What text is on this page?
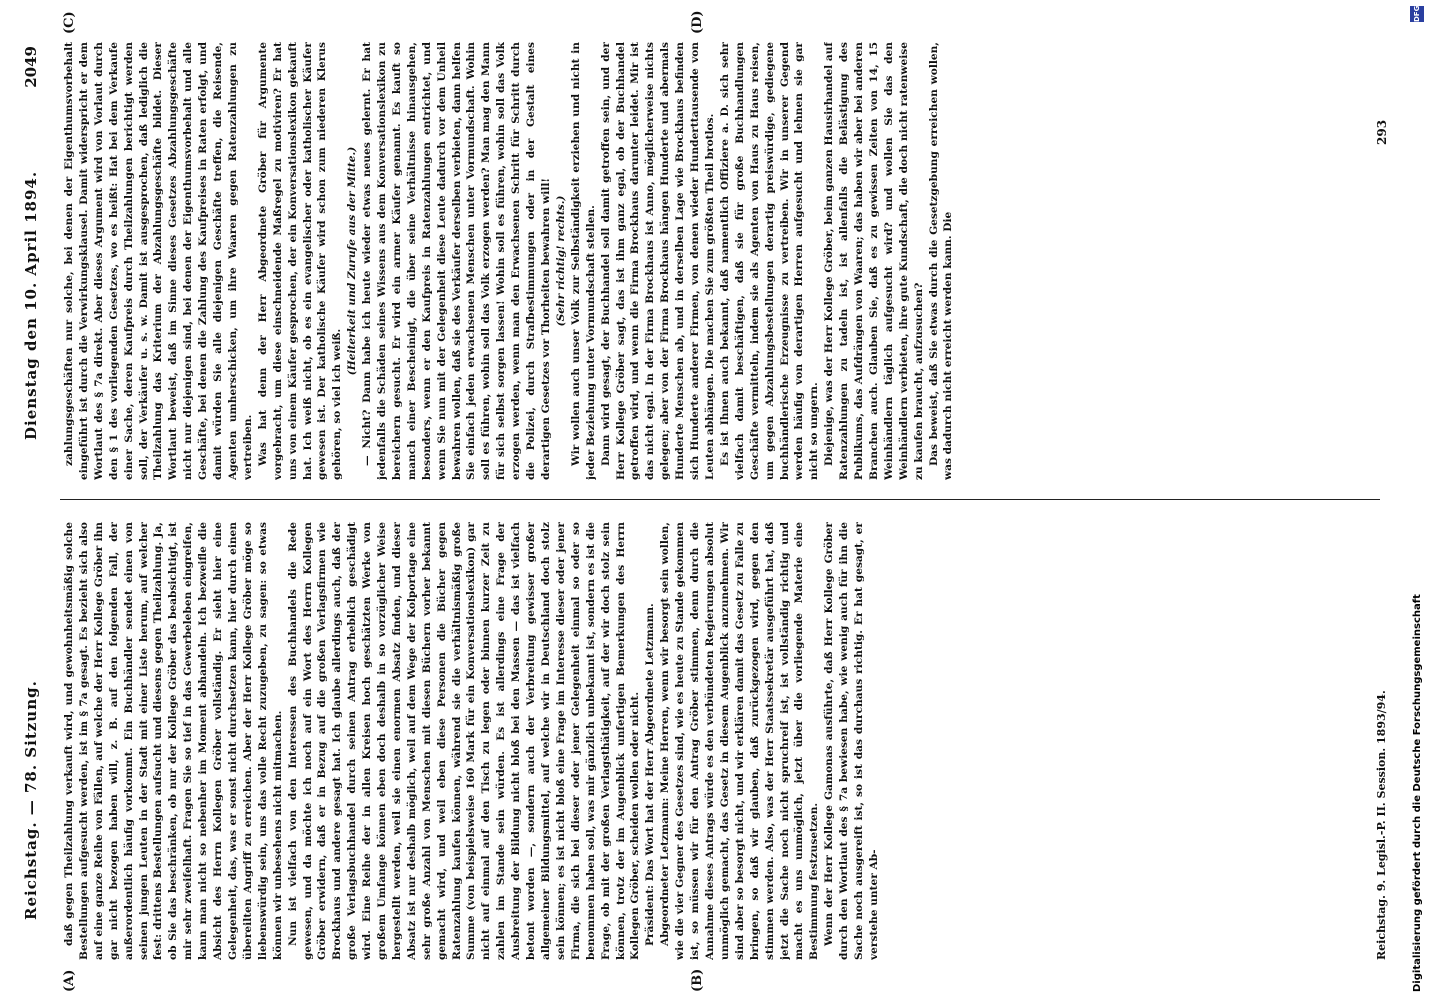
Reichstag. — 78. Sitzung.
Dienstag den 10. April 1894.
2049
(A)	(B)
(C)	(D)

daß gegen Theilzahlung verkauft wird, und gewohnheitsmäßig solche Bestellungen aufgesucht werden, ist im § 7a gesagt. Es bezieht sich also auf eine ganze Reihe von Fällen, auf welche der Herr Kollege Gröber ihn gar nicht bezogen haben will, z. B. auf den folgenden Fall, der außerordentlich häufig vorkommt. Ein Buchhändler sendet einen von seinen jungen Leuten in der Stadt mit einer Liste herum, auf welcher fest: drittens Bestellungen aufsucht und diesens gegen Theilzahlung. Ja, ob Sie das beschränken, ob nur der Kollege Gröber das beabsichtigt, ist mir sehr zweifelhaft. Fragen Sie so tief in das Gewerbeleben eingreifen, kann man nicht so nebenher im Moment abhandeln. Ich bezweifle die Absicht des Herrn Kollegen Gröber vollständig. Er sieht hier eine Gelegenheit, das, was er sonst nicht durchsetzen kann, hier durch einen übereilten Angriff zu erreichen. Aber der Herr Kollege Gröber möge so liebenswürdig sein, uns das volle Recht zuzugeben, zu sagen: so etwas können wir unbesehens nicht mitmachen. Nun ist vielfach von den Interessen des Buchhandels die Rede gewesen, und da möchte ich noch auf ein Wort des Herrn Kollegen Gröber erwidern, daß er in Bezug auf die großen Verlagsfirmen wie Brockhaus und andere gesagt hat. Ich glaube allerdings auch, daß der große Verlagsbuchhandel durch seinen Antrag erheblich geschädigt wird. Eine Reihe der in allen Kreisen hoch geschätzten Werke von großem Umfange können eben doch deshalb in so vorzüglicher Weise hergestellt werden, weil sie einen enormen Absatz finden, und dieser Absatz ist nur deshalb möglich, weil auf dem Wege der Kolportage eine sehr große Anzahl von Menschen mit diesen Büchern vorher bekannt gemacht wird, und weil eben diese Personen die Bücher gegen Ratenzahlung kaufen können, während sie die verhältnismäßig große Summe (von beispielsweise 160 Mark für ein Konversationslexikon) gar nicht auf einmal auf den Tisch zu legen oder binnen kurzer Zeit zu zahlen im Stande sein würden. Es ist allerdings eine Frage der Ausbreitung der Bildung nicht bloß bei den Massen — das ist vielfach betont worden —, sondern auch der Verbreitung gewisser großer allgemeiner Bildungsmittel, auf welche wir in Deutschland doch stolz sein können; es ist nicht bloß eine Frage im Interesse dieser oder jener Firma, die sich bei dieser oder jener Gelegenheit einmal so oder so benommen haben soll, was mir gänzlich unbekannt ist, sondern es ist die Frage, ob mit der großen Verlagsthätigkeit, auf der wir doch stolz sein können, trotz der im Augenblick unfertigen Bemerkungen des Herrn Kollegen Gröber, scheiden wollen oder nicht. Präsident: Das Wort hat der Herr Abgeordnete Letzmann. Abgeordneter Letzmann: Meine Herren, wenn wir besorgt sein wollen, wie die vier Gegner des Gesetzes sind, wie es heute zu Stande gekommen ist, so müssen wir für den Antrag Gröber stimmen, denn durch die Annahme dieses Antrags würde es den verbündeten Regierungen absolut unmöglich gemacht, das Gesetz in diesem Augenblick anzunehmen. Wir sind aber so besorgt nicht, und wir erklären damit das Gesetz zu Falle zu bringen, so daß wir glauben, daß zurückgezogen wird, gegen den stimmen werden. Also, was der Herr Staatssekretär ausgeführt hat, daß jetzt die Sache noch nicht spruchreif ist, ist vollständig richtig und macht es uns unmöglich, jetzt über die vorliegende Materie eine Bestimmung festzusetzen. Wenn der Herr Kollege Gamonas ausführte, daß Herr Kollege Gröber durch den Wortlaut des § 7a bewiesen habe, wie wenig auch für ihn die Sache noch ausgereift ist, so ist das durchaus richtig. Er hat gesagt, er verstehe unter Ab-

zahlungsgeschäften nur solche, bei denen der Eigenthumsvorbehalt eingeführt ist durch die Verwirkungsklausel. Damit widerspricht er dem Wortlaut des § 7a direkt. Aber dieses Argument wird von Vorlaut durch den § 1 des vorliegenden Gesetzes, wo es heißt: Hat bei dem Verkaufe einer Sache, deren Kaufpreis durch Theilzahlungen berichtigt werden soll, der Verkäufer u. s. w. Damit ist ausgesprochen, daß lediglich die Theilzahlung das Kriterium der Abzahlungsgeschäfte bildet. Dieser Wortlaut beweist, daß im Sinne dieses Gesetzes Abzahlungsgeschäfte nicht nur diejenigen sind, bei denen der Eigenthumsvorbehalt und alle Geschäfte, bei denen die Zahlung des Kaufpreises in Raten erfolgt, und damit würden Sie alle diejenigen Geschäfte treffen, die Reisende, Agenten umherschicken, um ihre Waaren gegen Ratenzahlungen zu vertreiben. Was hat denn der Herr Abgeordnete Gröber für Argumente vorgebracht, um diese einschneidende Maßregel zu motiviren? Er hat uns von einem Käufer gesprochen, der ein Konversationslexikon gekauft hat. Ich weiß nicht, ob es ein evangelischer oder katholischer Käufer gewesen ist. Der katholische Käufer wird schon zum niederen Klerus gehören, so viel ich weiß.

(Heiterkeit und Zurufe aus der Mitte.) — Nicht? Dann habe ich heute wieder etwas neues gelernt. Er hat jedenfalls die Schäden seines Wissens aus dem Konversationslexikon zu bereichern gesucht. Er wird ein armer Käufer genannt. Es kauft so manch einer Bescheinigt, die über seine Verhältnisse hinausgehen, besonders, wenn er den Kaufpreis in Ratenzahlungen entrichtet, und wenn Sie nun mit der Gelegenheit diese Leute dadurch vor dem Unheil bewahren wollen, daß sie des Verkäufer derselben verbieten, dann helfen Sie einfach jeden erwachsenen Menschen unter Vormundschaft. Wohin soll es führen, wohin soll das Volk erzogen werden? Man mag den Mann für sich selbst sorgen lassen! Wohin soll es führen, wohin soll das Volk erzogen werden, wenn man den Erwachsenen Schritt für Schritt durch die Polizei, durch Strafbestimmungen oder in der Gestalt eines derartigen Gesetzes vor Thorheiten bewahren will! (Sehr richtig! rechts.) Wir wollen auch unser Volk zur Selbständigkeit erziehen und nicht in jeder Beziehung unter Vormundschaft stellen. Dann wird gesagt, der Buchhandel soll damit getroffen sein, und der Herr Kollege Gröber sagt, das ist ihm ganz egal, ob der Buchhandel getroffen wird, und wenn die Firma Brockhaus darunter leidet. Mir ist das nicht egal. In der Firma Brockhaus ist Anno, möglicherweise nichts gelegen; aber von der Firma Brockhaus hängen Hunderte und abermals Hunderte Menschen ab, und in derselben Lage wie Brockhaus befinden sich Hunderte anderer Firmen, von denen wieder Hunderttausende von Leuten abhängen. Die machen Sie zum größten Theil brotlos. Es ist Ihnen auch bekannt, daß namentlich Offiziere a. D. sich sehr vielfach damit beschäftigen, daß sie für große Buchhandlungen Geschäfte vermitteln, indem sie als Agenten von Haus zu Haus reisen, um gegen Abzahlungsbestellungen derartig preiswürdige, gediegene buchhändlerische Erzeugnisse zu vertreiben. Wir in unserer Gegend werden häufig von derartigen Herren aufgesucht und lehnen sie gar nicht so ungern. Diejenige, was der Herr Kollege Gröber, beim ganzen Hausirhandel auf Ratenzahlungen zu tadeln ist, ist allenfalls die Belästigung des Publikums, das Aufdrängen von Waaren; das haben wir aber bei anderen Branchen auch. Glauben Sie, daß es zu gewissen Zeiten von 14, 15 Weinhändlern täglich aufgesucht wird? und wollen Sie das den Weinhändlern verbieten, ihre gute Kundschaft, die doch nicht ratenweise zu kaufen braucht, aufzusuchen? Das beweist, daß Sie etwas durch die Gesetzgebung erreichen wollen, was dadurch nicht erreicht werden kann. Die

Reichstag. 9. Legisl.-P. II. Session. 1893/94.
293
Digitalisierung gefördert durch die Deutsche Forschungsgemeinschaft
DFG
